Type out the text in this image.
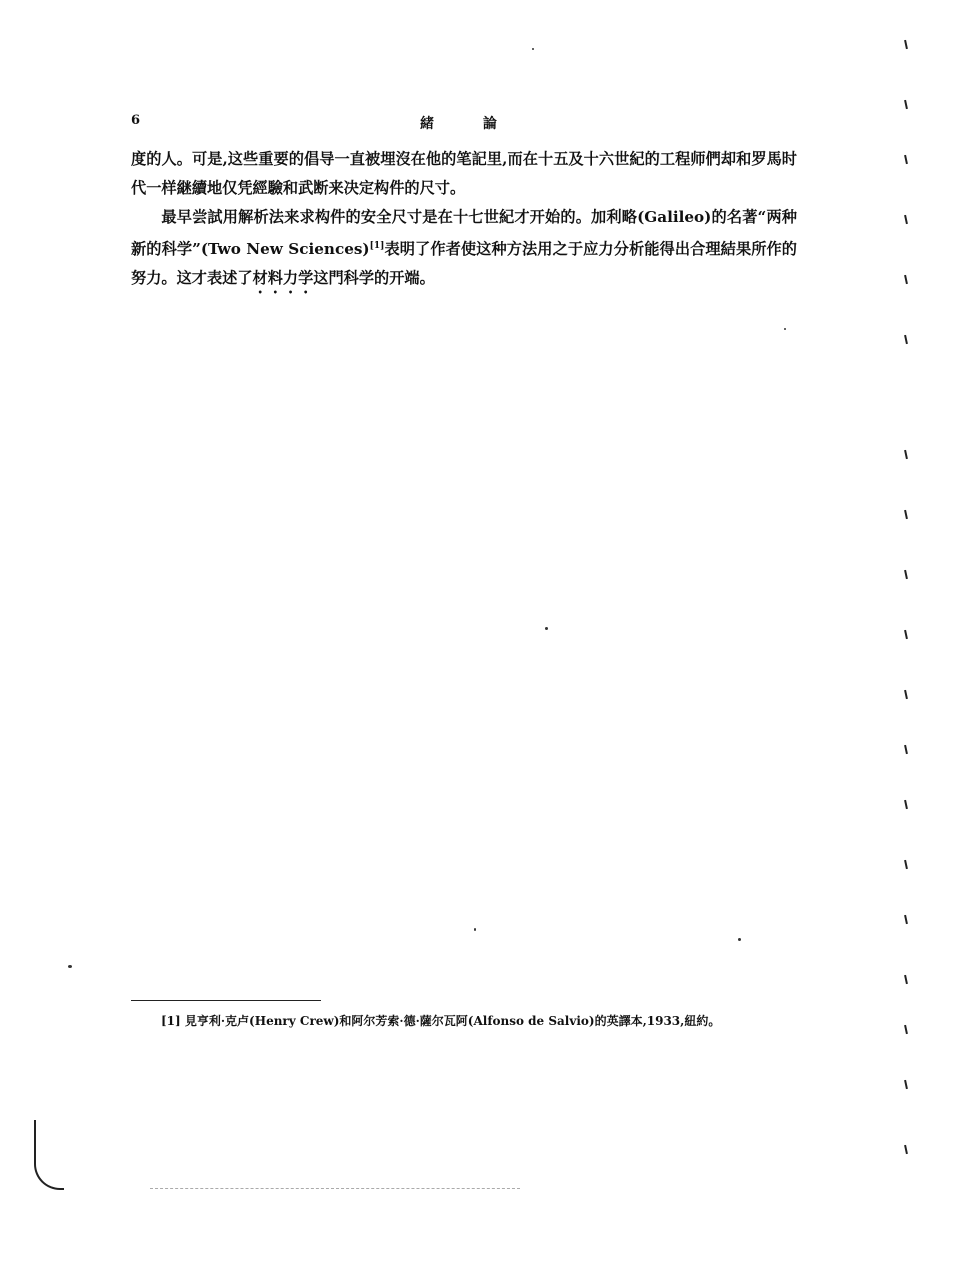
6	緒 論

度的人。可是,这些重要的倡导一直被埋沒在他的笔記里,而在十五及十六世紀的工程师們却和罗馬时代一样継續地仅凭經驗和武断来决定构件的尺寸。

最早尝試用解析法来求构件的安全尺寸是在十七世紀才开始的。加利略(Galileo)的名著“两种新的科学”(Two New Sciences)[1]表明了作者使这种方法用之于应力分析能得出合理結果所作的努力。这才表述了材料力学这門科学的开端。

[1] 見亨利·克卢(Henry Crew)和阿尔芳索·德·薩尔瓦阿(Alfonso de Salvio)的英譯本,1933,紐約。
